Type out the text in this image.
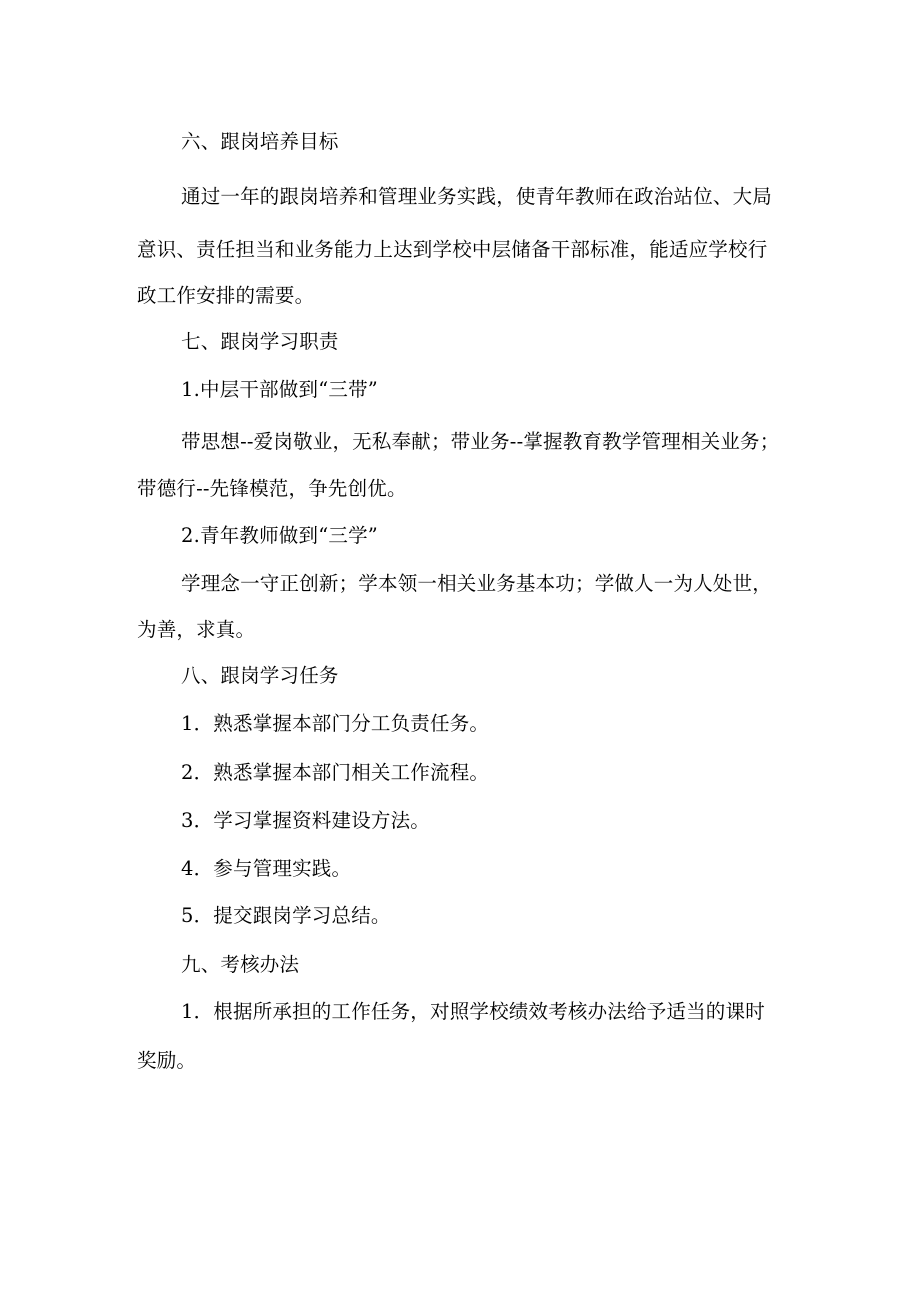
六、跟岗培养目标
通过一年的跟岗培养和管理业务实践，使青年教师在政治站位、大局
意识、责任担当和业务能力上达到学校中层储备干部标准，能适应学校行
政工作安排的需要。
七、跟岗学习职责
1.中层干部做到“三带”
带思想--爱岗敬业，无私奉献；带业务--掌握教育教学管理相关业务；
带德行--先锋模范，争先创优。
2.青年教师做到“三学”
学理念一守正创新；学本领一相关业务基本功；学做人一为人处世，
为善，求真。
八、跟岗学习任务
1．熟悉掌握本部门分工负责任务。
2．熟悉掌握本部门相关工作流程。
3．学习掌握资料建设方法。
4．参与管理实践。
5．提交跟岗学习总结。
九、考核办法
1．根据所承担的工作任务，对照学校绩效考核办法给予适当的课时
奖励。
